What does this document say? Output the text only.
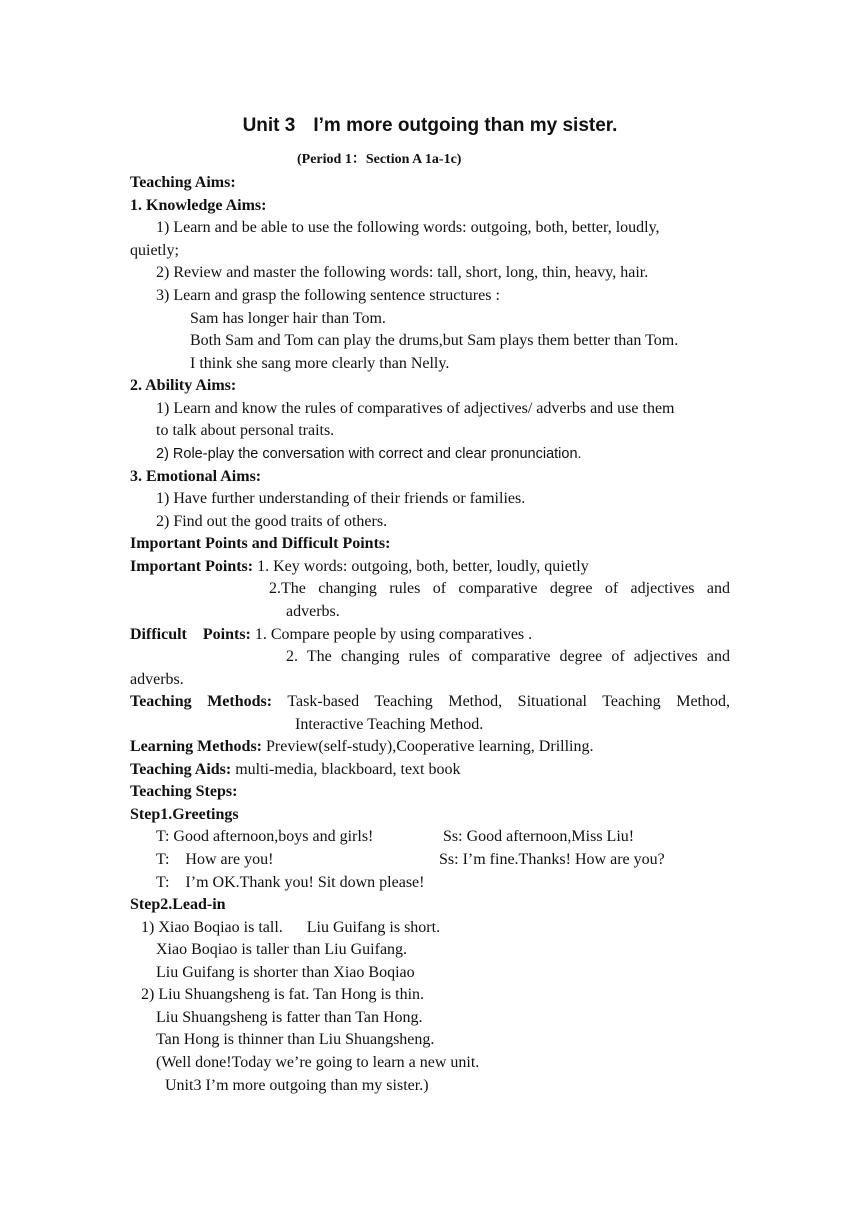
Unit 3 I’m more outgoing than my sister.

(Period 1：Section A 1a-1c)

Teaching Aims:

1. Knowledge Aims:

1) Learn and be able to use the following words: outgoing, both, better, loudly,

quietly;

2) Review and master the following words: tall, short, long, thin, heavy, hair.

3) Learn and grasp the following sentence structures :

Sam has longer hair than Tom.

Both Sam and Tom can play the drums,but Sam plays them better than Tom.

I think she sang more clearly than Nelly.

2. Ability Aims:

1) Learn and know the rules of comparatives of adjectives/ adverbs and use them

to talk about personal traits.

2) Role-play the conversation with correct and clear pronunciation.

3. Emotional Aims:

1) Have further understanding of their friends or families.

2) Find out the good traits of others.

Important Points and Difficult Points:

Important Points: 1. Key words: outgoing, both, better, loudly, quietly

2.The changing rules of comparative degree of adjectives and

adverbs.

Difficult    Points: 1. Compare people by using comparatives .

2. The changing rules of comparative degree of adjectives and

adverbs.

Teaching Methods: Task-based Teaching Method, Situational Teaching Method,

Interactive Teaching Method.

Learning Methods: Preview(self-study),Cooperative learning, Drilling.

Teaching Aids: multi-media, blackboard, text book

Teaching Steps:

Step1.Greetings

T: Good afternoon,boys and girls!	Ss: Good afternoon,Miss Liu!

T:    How are you!	Ss: I’m fine.Thanks! How are you?

T:    I’m OK.Thank you! Sit down please!

Step2.Lead-in

1) Xiao Boqiao is tall.      Liu Guifang is short.

Xiao Boqiao is taller than Liu Guifang.

Liu Guifang is shorter than Xiao Boqiao

2) Liu Shuangsheng is fat. Tan Hong is thin.

Liu Shuangsheng is fatter than Tan Hong.

Tan Hong is thinner than Liu Shuangsheng.

(Well done!Today we’re going to learn a new unit.

Unit3 I’m more outgoing than my sister.)
